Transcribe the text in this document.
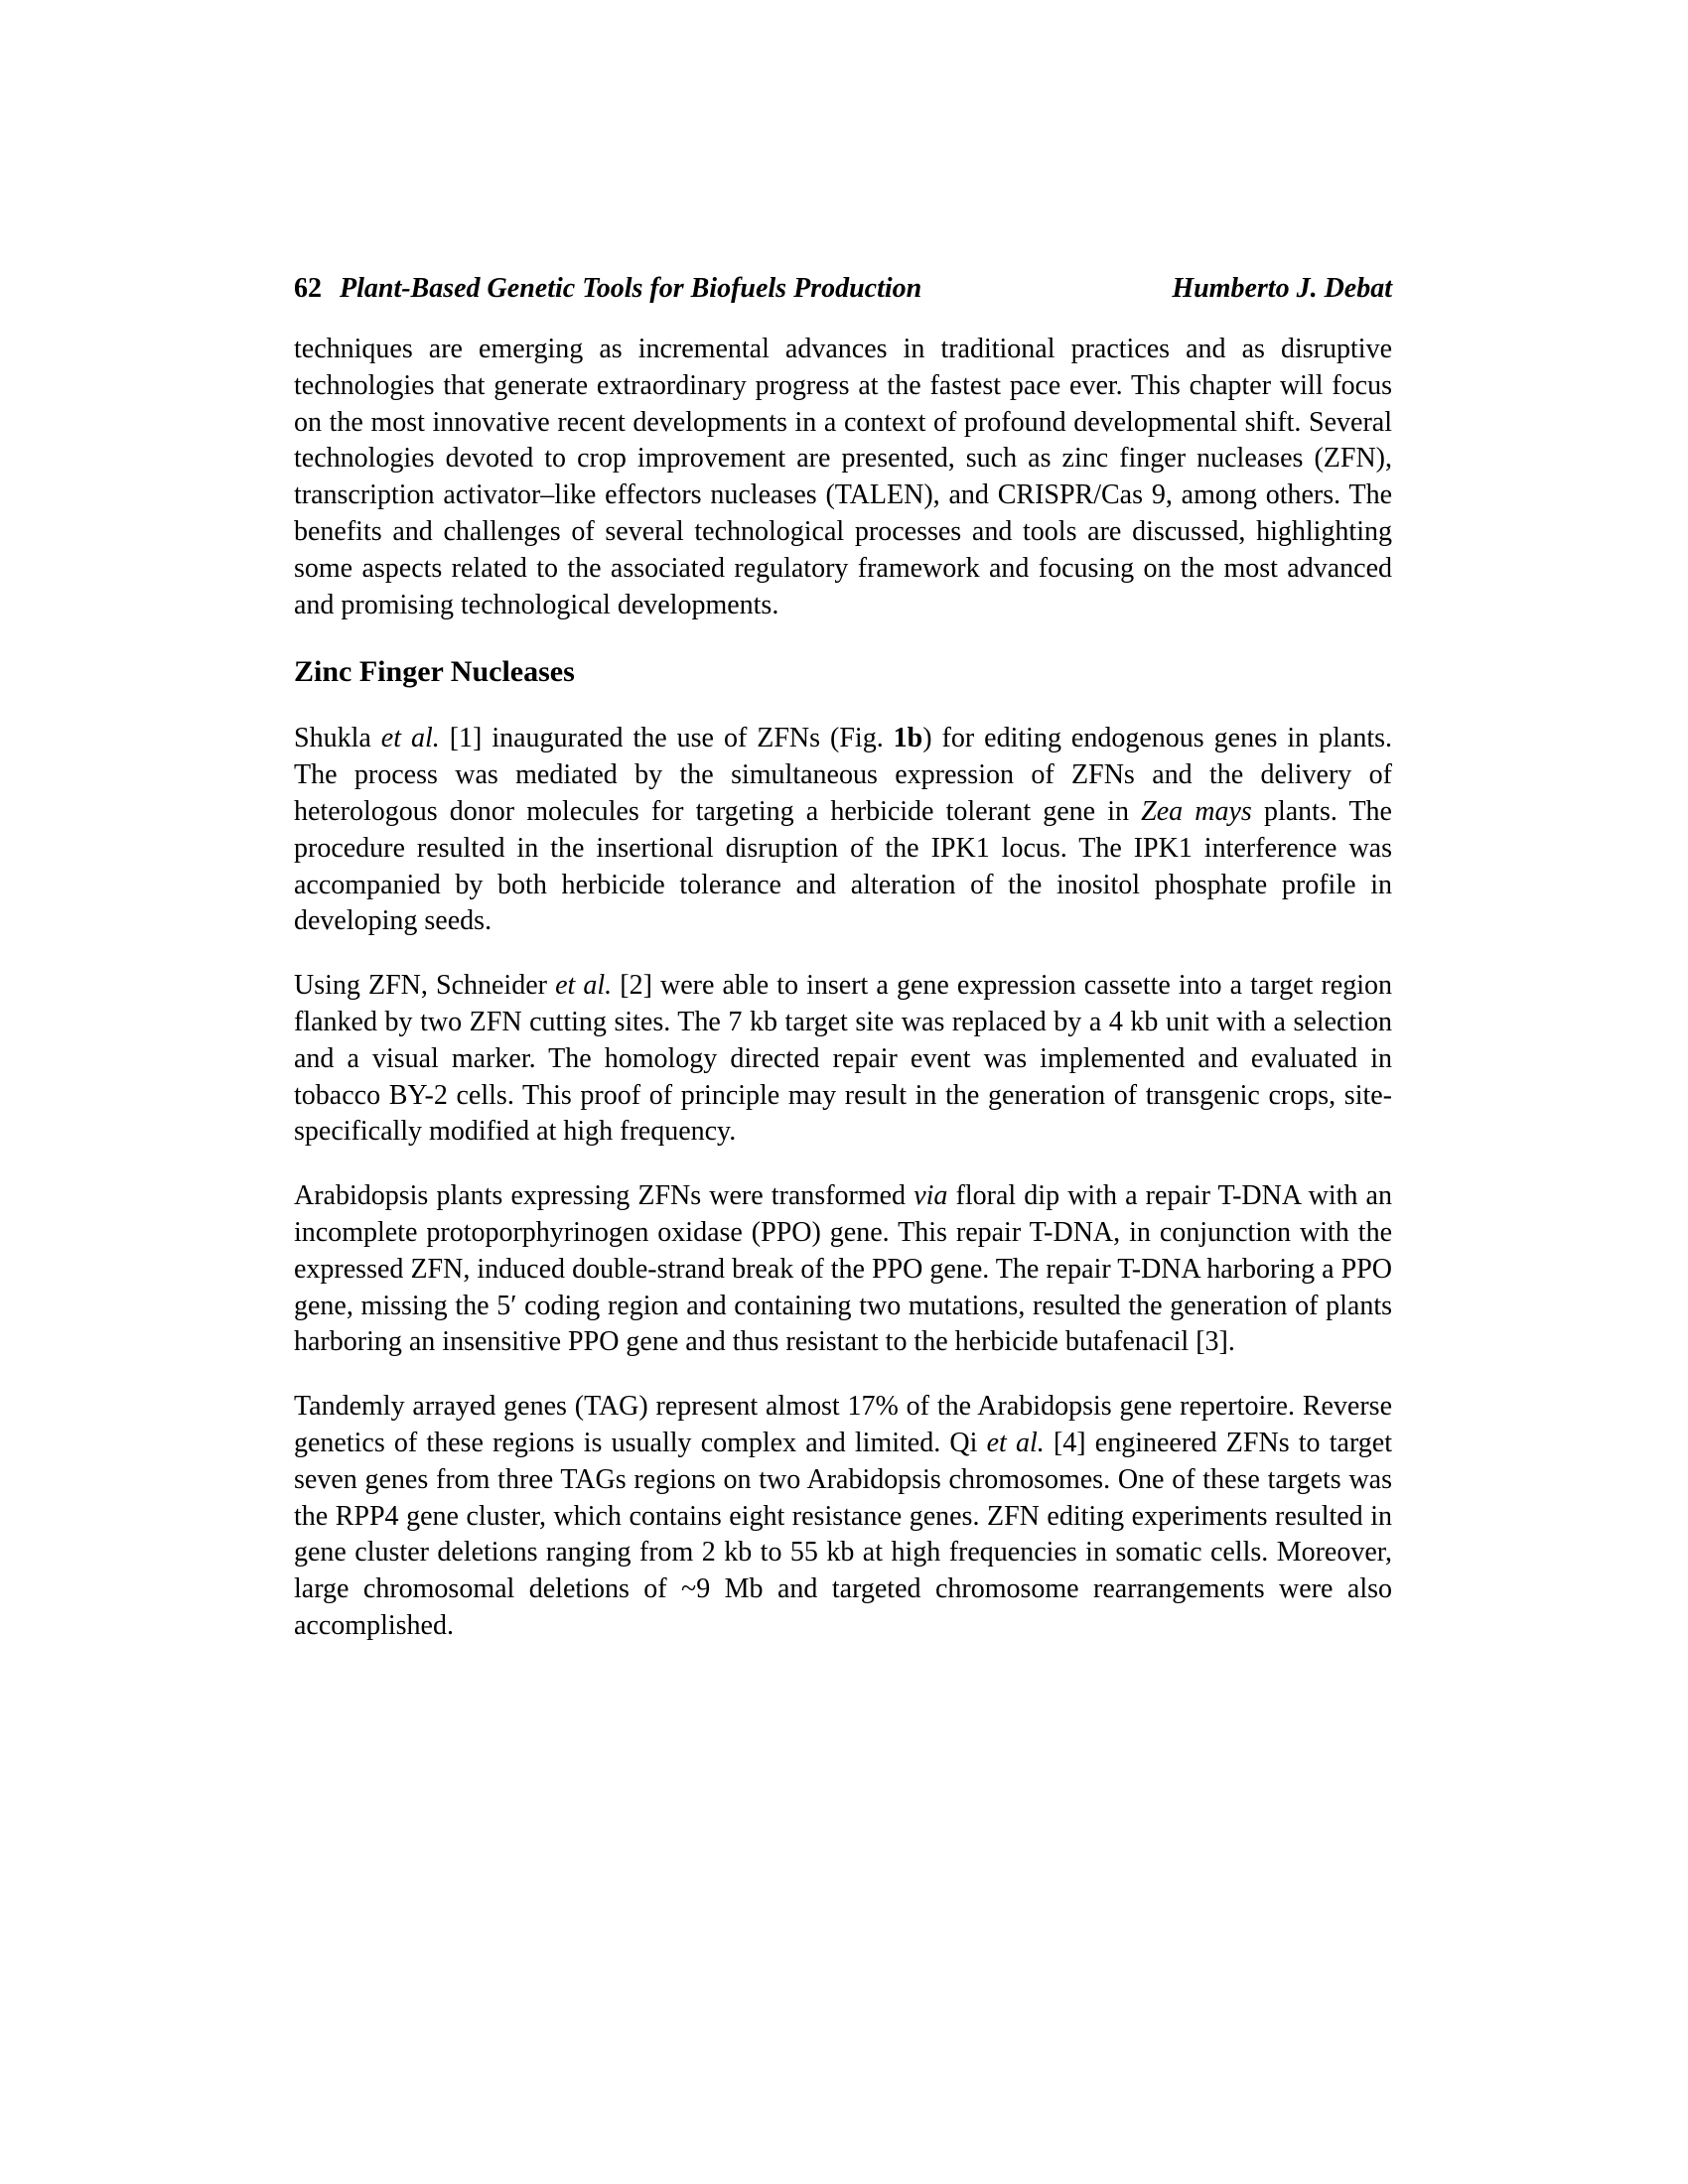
62 Plant-Based Genetic Tools for Biofuels Production	Humberto J. Debat

techniques are emerging as incremental advances in traditional practices and as disruptive technologies that generate extraordinary progress at the fastest pace ever. This chapter will focus on the most innovative recent developments in a context of profound developmental shift. Several technologies devoted to crop improvement are presented, such as zinc finger nucleases (ZFN), transcription activator–like effectors nucleases (TALEN), and CRISPR/Cas 9, among others. The benefits and challenges of several technological processes and tools are discussed, highlighting some aspects related to the associated regulatory framework and focusing on the most advanced and promising technological developments.

Zinc Finger Nucleases

Shukla et al. [1] inaugurated the use of ZFNs (Fig. 1b) for editing endogenous genes in plants. The process was mediated by the simultaneous expression of ZFNs and the delivery of heterologous donor molecules for targeting a herbicide tolerant gene in Zea mays plants. The procedure resulted in the insertional disruption of the IPK1 locus. The IPK1 interference was accompanied by both herbicide tolerance and alteration of the inositol phosphate profile in developing seeds.

Using ZFN, Schneider et al. [2] were able to insert a gene expression cassette into a target region flanked by two ZFN cutting sites. The 7 kb target site was replaced by a 4 kb unit with a selection and a visual marker. The homology directed repair event was implemented and evaluated in tobacco BY-2 cells. This proof of principle may result in the generation of transgenic crops, site-specifically modified at high frequency.

Arabidopsis plants expressing ZFNs were transformed via floral dip with a repair T-DNA with an incomplete protoporphyrinogen oxidase (PPO) gene. This repair T-DNA, in conjunction with the expressed ZFN, induced double-strand break of the PPO gene. The repair T-DNA harboring a PPO gene, missing the 5′ coding region and containing two mutations, resulted the generation of plants harboring an insensitive PPO gene and thus resistant to the herbicide butafenacil [3].

Tandemly arrayed genes (TAG) represent almost 17% of the Arabidopsis gene repertoire. Reverse genetics of these regions is usually complex and limited. Qi et al. [4] engineered ZFNs to target seven genes from three TAGs regions on two Arabidopsis chromosomes. One of these targets was the RPP4 gene cluster, which contains eight resistance genes. ZFN editing experiments resulted in gene cluster deletions ranging from 2 kb to 55 kb at high frequencies in somatic cells. Moreover, large chromosomal deletions of ~9 Mb and targeted chromosome rearrangements were also accomplished.
